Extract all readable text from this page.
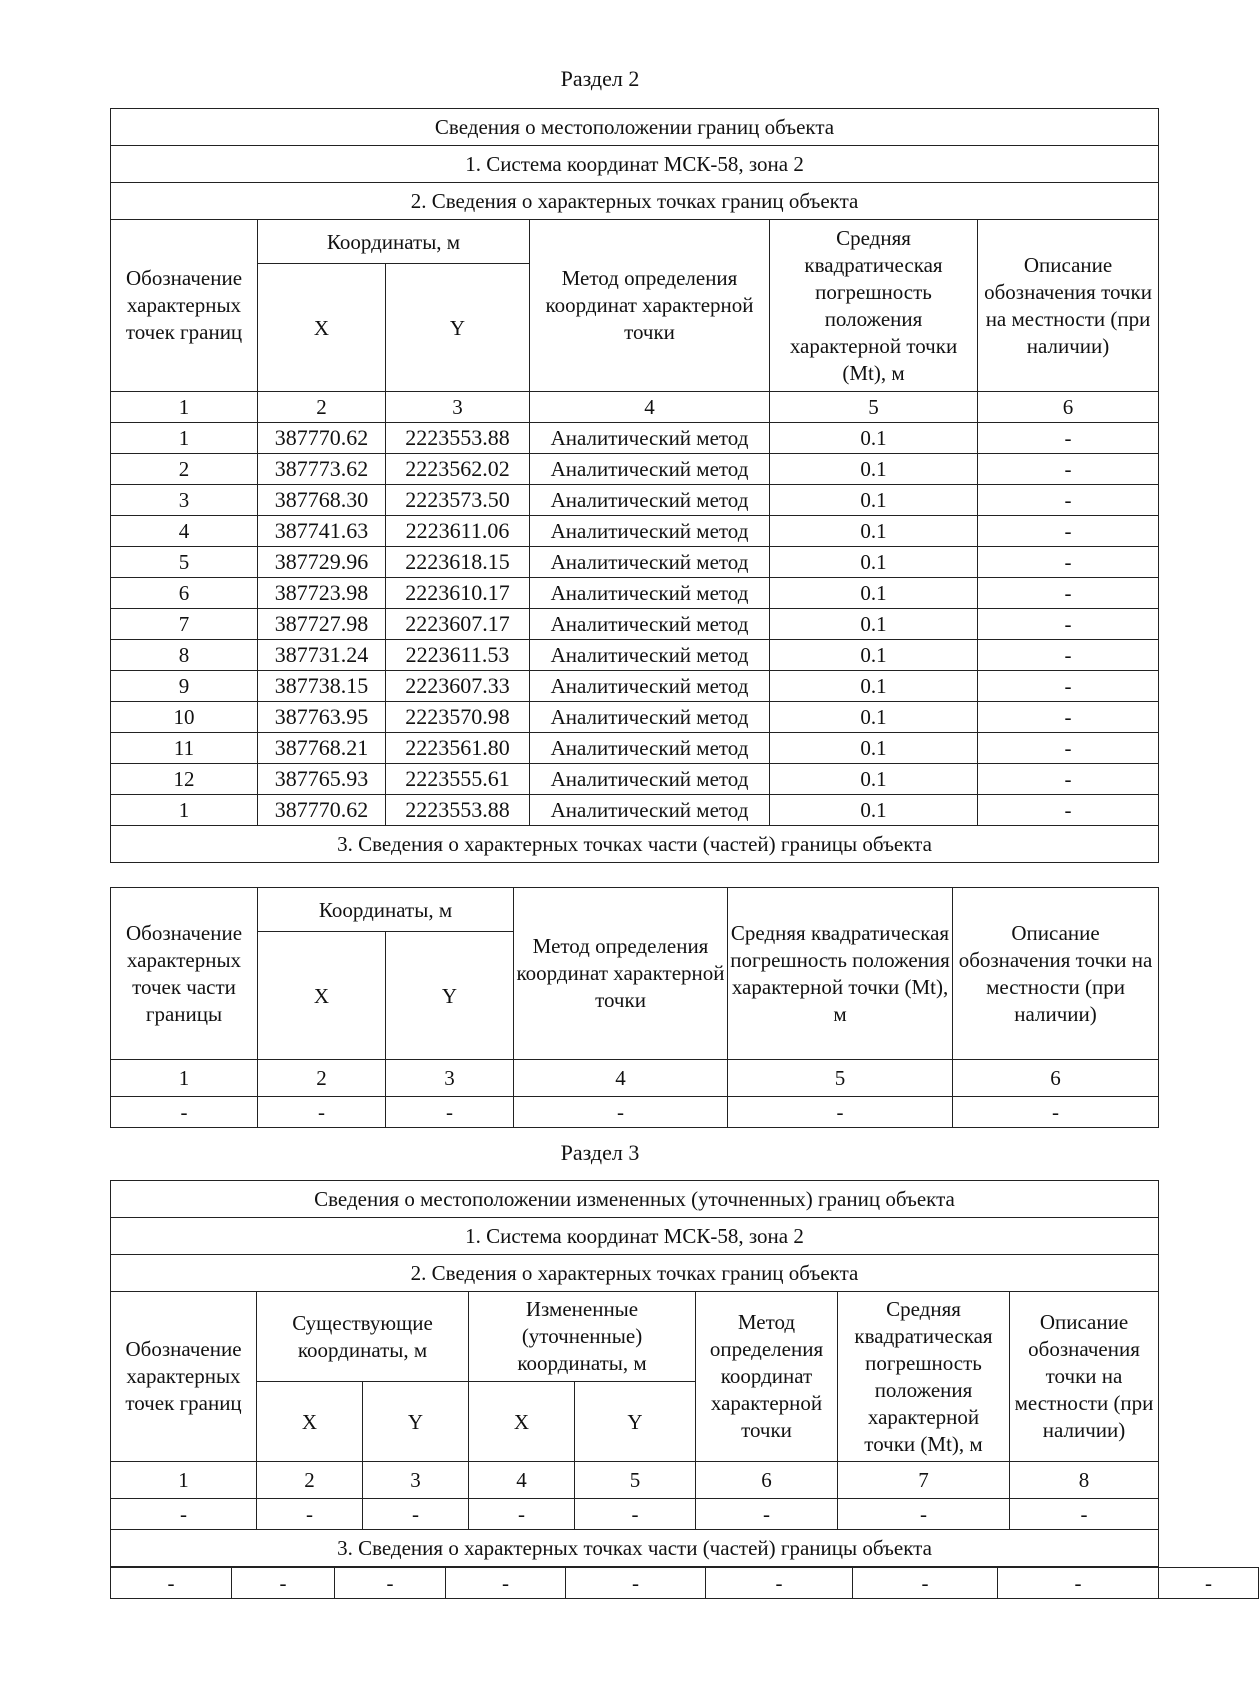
Раздел 2
Сведения о местоположении границ объекта					
1. Система координат МСК-58, зона 2					
2. Сведения о характерных точках границ объекта					
Обозначение характерных точек границ	Координаты, м		Метод определения координат характерной точки	Средняя квадратическая погрешность положения характерной точки (Mt), м	Описание обозначения точки на местности (при наличии)
	X	Y			
1	2	3	4	5	6
1	387770.62	2223553.88	Аналитический метод	0.1	-
2	387773.62	2223562.02	Аналитический метод	0.1	-
3	387768.30	2223573.50	Аналитический метод	0.1	-
4	387741.63	2223611.06	Аналитический метод	0.1	-
5	387729.96	2223618.15	Аналитический метод	0.1	-
6	387723.98	2223610.17	Аналитический метод	0.1	-
7	387727.98	2223607.17	Аналитический метод	0.1	-
8	387731.24	2223611.53	Аналитический метод	0.1	-
9	387738.15	2223607.33	Аналитический метод	0.1	-
10	387763.95	2223570.98	Аналитический метод	0.1	-
11	387768.21	2223561.80	Аналитический метод	0.1	-
12	387765.93	2223555.61	Аналитический метод	0.1	-
1	387770.62	2223553.88	Аналитический метод	0.1	-
3. Сведения о характерных точках части (частей) границы объекта					
Обозначение характерных точек части границы	Координаты, м		Метод определения координат характерной точки	Средняя квадратическая погрешность положения характерной точки (Mt), м	Описание обозначения точки на местности (при наличии)
	X	Y			
1	2	3	4	5	6
-	-	-	-	-	-
Раздел 3
Сведения о местоположении измененных (уточненных) границ объекта							
1. Система координат МСК-58, зона 2							
2. Сведения о характерных точках границ объекта							
Обозначение характерных точек границ	Существующие координаты, м		Измененные (уточненные) координаты, м		Метод определения координат характерной точки	Средняя квадратическая погрешность положения характерной точки (Mt), м	Описание обозначения точки на местности (при наличии)
	X	Y	X	Y			
1	2	3	4	5	6	7	8
-	-	-	-	-	-	-	-
3. Сведения о характерных точках части (частей) границы объекта							
-	-	-	-	-	-	-	-	-
